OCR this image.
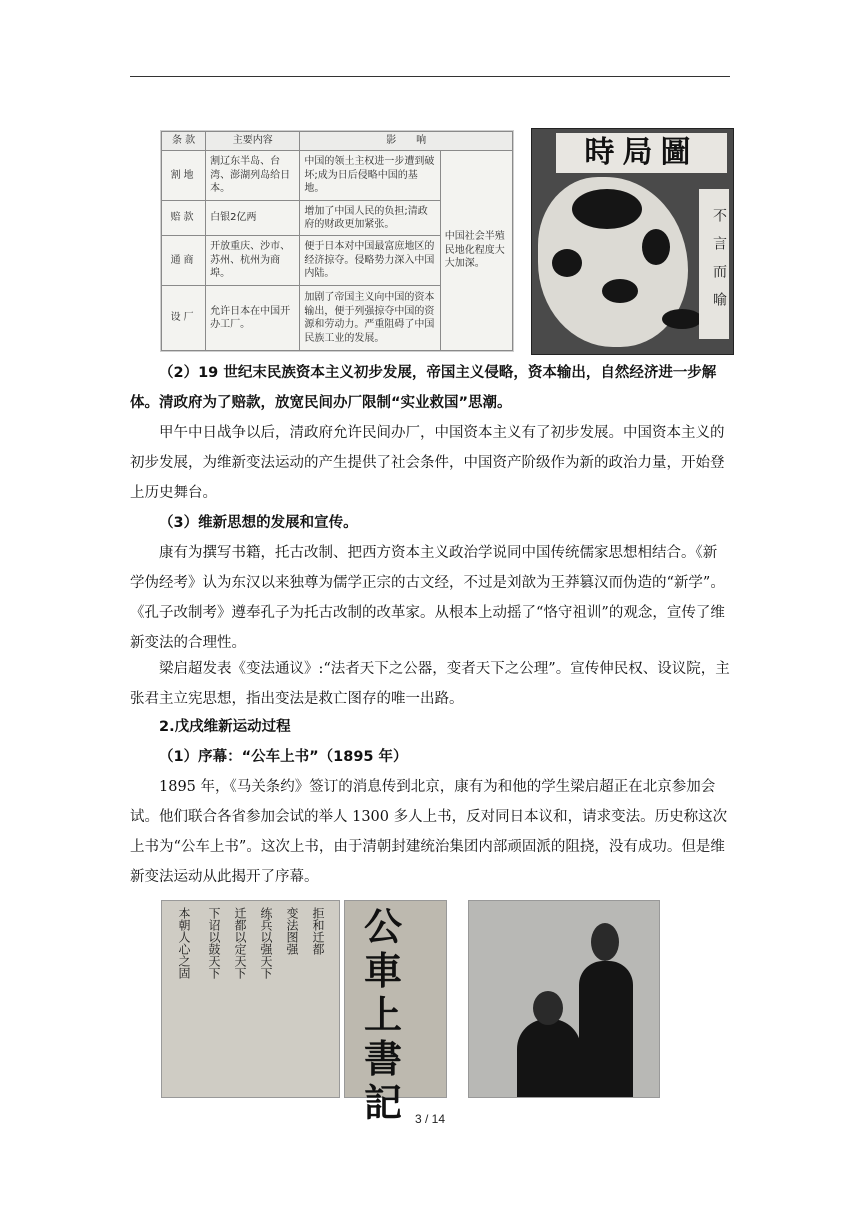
条 款	主要内容	影　　响	
割地	割辽东半岛、台湾、澎湖列岛给日本。	中国的领土主权进一步遭到破坏;成为日后侵略中国的基地。	中国社会半殖民地化程度大大加深。
赔款	白银2亿两	增加了中国人民的负担;清政府的财政更加紧张。	
通商	开放重庆、沙市、苏州、杭州为商埠。	便于日本对中国最富庶地区的经济掠夺。侵略势力深入中国内陆。	
设厂	允许日本在中国开办工厂。	加剧了帝国主义向中国的资本输出，便于列强掠夺中国的资源和劳动力。严重阻碍了中国民族工业的发展。	
時局圖
不言而喻

（2）19 世纪末民族资本主义初步发展，帝国主义侵略，资本输出，自然经济进一步解体。清政府为了赔款，放宽民间办厂限制“实业救国”思潮。

甲午中日战争以后，清政府允许民间办厂，中国资本主义有了初步发展。中国资本主义的初步发展，为维新变法运动的产生提供了社会条件，中国资产阶级作为新的政治力量，开始登上历史舞台。

（3）维新思想的发展和宣传。

康有为撰写书籍，托古改制、把西方资本主义政治学说同中国传统儒家思想相结合。《新学伪经考》认为东汉以来独尊为儒学正宗的古文经，不过是刘歆为王莽篡汉而伪造的“新学”。《孔子改制考》遵奉孔子为托古改制的改革家。从根本上动摇了“恪守祖训”的观念，宣传了维新变法的合理性。

梁启超发表《变法通议》:“法者天下之公器，变者天下之公理”。宣传伸民权、设议院，主张君主立宪思想，指出变法是救亡图存的唯一出路。

2.戊戌维新运动过程

（1）序幕：“公车上书”（1895 年）

1895 年，《马关条约》签订的消息传到北京，康有为和他的学生梁启超正在北京参加会试。他们联合各省参加会试的举人 1300 多人上书，反对同日本议和，请求变法。历史称这次上书为“公车上书”。这次上书，由于清朝封建统治集团内部顽固派的阻挠，没有成功。但是维新变法运动从此揭开了序幕。

拒和迁都
变法图强
练兵以强天下
迁都以定天下
下诏以鼓天下
本朝人心之固	公車上書記	3 / 14
